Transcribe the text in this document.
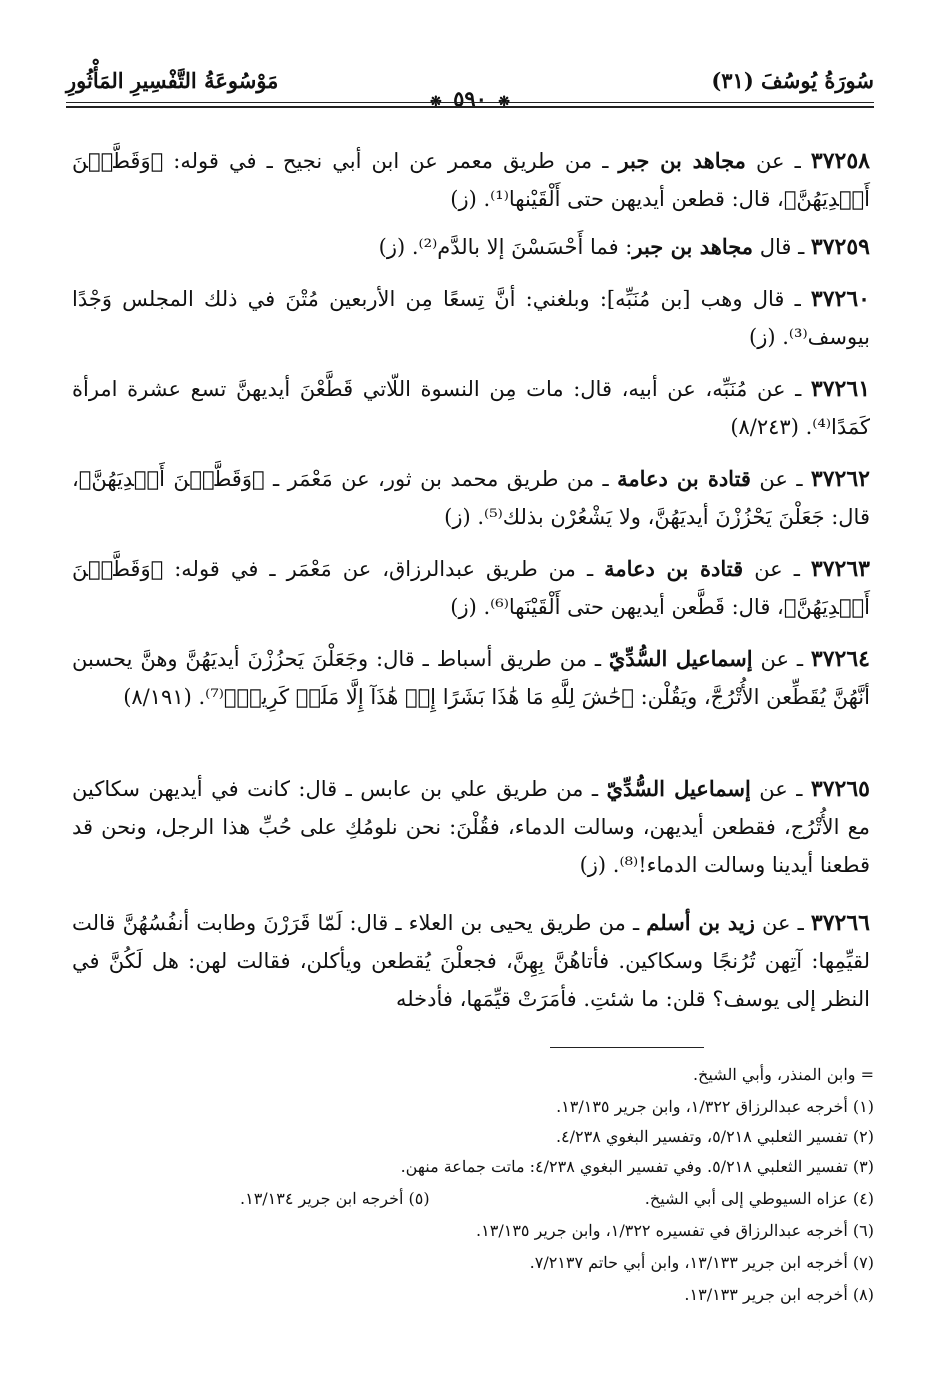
سُورَةُ يُوسُفَ (٣١)
❋ ٥٩٠ ❋
مَوْسُوعَةُ التَّفْسِيرِ المَأْثُورِ
٣٧٢٥٨ ـ عن مجاهد بن جبر ـ من طريق معمر عن ابن أبي نجيح ـ في قوله: ﴿وَقَطَّعۡنَ أَيۡدِيَهُنَّ﴾، قال: قطعن أيديهن حتى أَلْقَيْنها⁽¹⁾. (ز)
٣٧٢٥٩ ـ قال مجاهد بن جبر: فما أَحْسَسْنَ إلا بالدَّم⁽²⁾. (ز)
٣٧٢٦٠ ـ قال وهب [بن مُنَبِّه]: وبلغني: أنَّ تِسعًا مِن الأربعين مُتْنَ في ذلك المجلس وَجْدًا بيوسف⁽³⁾. (ز)
٣٧٢٦١ ـ عن مُنَبِّه، عن أبيه، قال: مات مِن النسوة اللّاتي قَطَّعْنَ أيديهنَّ تسع عشرة امرأة كَمَدًا⁽⁴⁾. (٨/٢٤٣)
٣٧٢٦٢ ـ عن قتادة بن دعامة ـ من طريق محمد بن ثور، عن مَعْمَر ـ ﴿وَقَطَّعۡنَ أَيۡدِيَهُنَّ﴾، قال: جَعَلْنَ يَحْزُزْنَ أيديَهُنَّ، ولا يَشْعُرْن بذلك⁽⁵⁾. (ز)
٣٧٢٦٣ ـ عن قتادة بن دعامة ـ من طريق عبدالرزاق، عن مَعْمَر ـ في قوله: ﴿وَقَطَّعۡنَ أَيۡدِيَهُنَّ﴾، قال: قَطَّعن أيديهن حتى أَلْقَيْنَها⁽⁶⁾. (ز)
٣٧٢٦٤ ـ عن إسماعيل السُّدِّيّ ـ من طريق أسباط ـ قال: وجَعَلْنَ يَحزُزْنَ أيديَهُنَّ وهنَّ يحسبن أنَّهُنَّ يُقَطِّعن الأُتْرُجَّ، ويَقُلْن: ﴿حَٰشَ لِلَّهِ مَا هَٰذَا بَشَرًا إِنۡ هَٰذَآ إِلَّا مَلَكٞ كَرِيمٞ﴾⁽⁷⁾. (٨/١٩١)
٣٧٢٦٥ ـ عن إسماعيل السُّدِّيّ ـ من طريق علي بن عابس ـ قال: كانت في أيديهن سكاكين مع الأُتْرُج، فقطعن أيديهن، وسالت الدماء، فقُلْنَ: نحن نلومُكِ على حُبِّ هذا الرجل، ونحن قد قطعنا أيدينا وسالت الدماء!⁽⁸⁾. (ز)
٣٧٢٦٦ ـ عن زيد بن أسلم ـ من طريق يحيى بن العلاء ـ قال: لَمّا قَرَرْنَ وطابت أنفُسُهُنَّ قالت لقيِّمِها: آتِهن تُرُنجًا وسكاكين. فأتاهُنَّ بِهِنَّ، فجعلْنَ يُقطعن ويأكلن، فقالت لهن: هل لَكُنَّ في النظر إلى يوسف؟ قلن: ما شئتِ. فأمَرَتْ قيِّمَها، فأدخله
= وابن المنذر، وأبي الشيخ.
(١) أخرجه عبدالرزاق ١/٣٢٢، وابن جرير ١٣/١٣٥.
(٢) تفسير الثعلبي ٥/٢١٨، وتفسير البغوي ٤/٢٣٨.
(٣) تفسير الثعلبي ٥/٢١٨. وفي تفسير البغوي ٤/٢٣٨: ماتت جماعة منهن.
(٤) عزاه السيوطي إلى أبي الشيخ.
(٥) أخرجه ابن جرير ١٣/١٣٤.
(٦) أخرجه عبدالرزاق في تفسيره ١/٣٢٢، وابن جرير ١٣/١٣٥.
(٧) أخرجه ابن جرير ١٣/١٣٣، وابن أبي حاتم ٧/٢١٣٧.
(٨) أخرجه ابن جرير ١٣/١٣٣.
